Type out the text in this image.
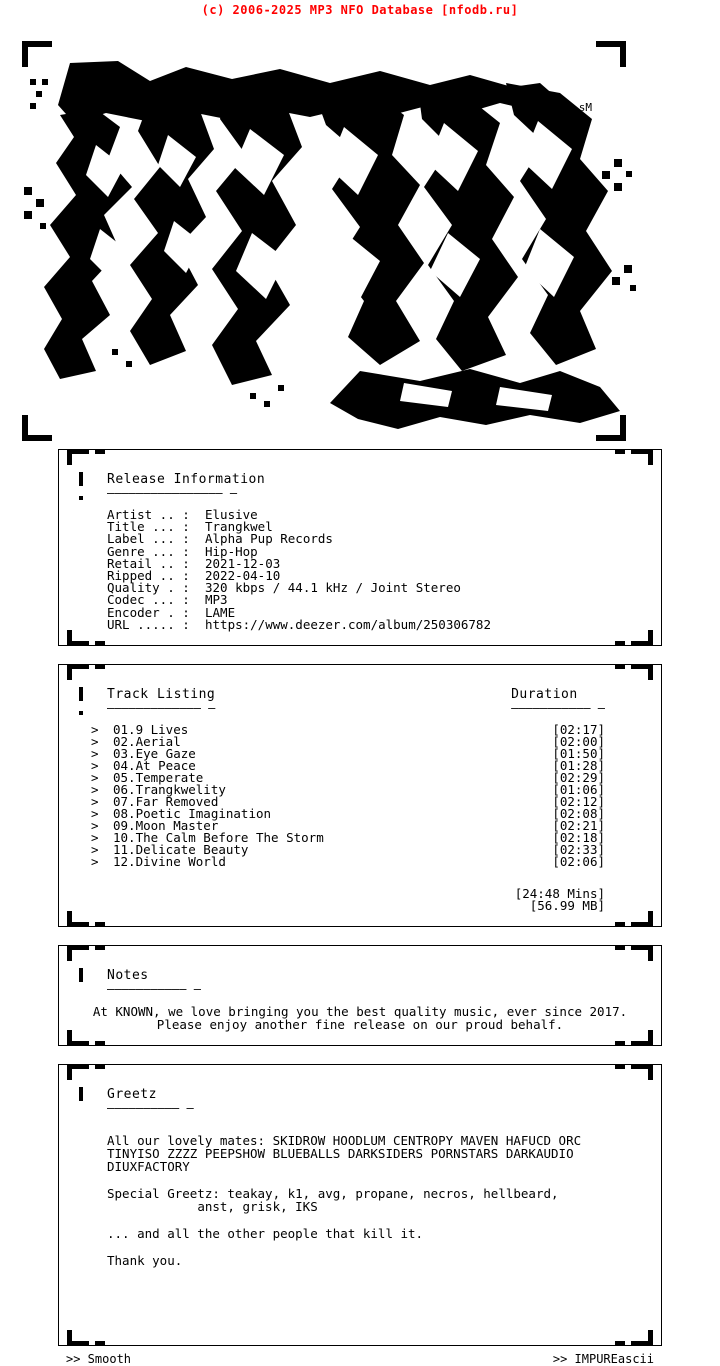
(c) 2006-2025 MP3 NFO Database [nfodb.ru]
sM
Release Information
———————————————— —
Artist .. : Elusive
Title ... : Trangkwel
Label ... : Alpha Pup Records
Genre ... : Hip-Hop
Retail .. : 2021-12-03
Ripped .. : 2022-04-10
Quality . : 320 kbps / 44.1 kHz / Joint Stereo
Codec ... : MP3
Encoder . : LAME
URL ..... : https://www.deezer.com/album/250306782
Track Listing
————————————— —
Duration
——————————— —
> 01.9 Lives	[02:17]
> 02.Aerial	[02:00]
> 03.Eye Gaze	[01:50]
> 04.At Peace	[01:28]
> 05.Temperate	[02:29]
> 06.Trangkwelity	[01:06]
> 07.Far Removed	[02:12]
> 08.Poetic Imagination	[02:08]
> 09.Moon Master	[02:21]
> 10.The Calm Before The Storm	[02:18]
> 11.Delicate Beauty	[02:33]
> 12.Divine World	[02:06]
[24:48 Mins]
[56.99 MB]
Notes
——————————— —
At KNOWN, we love bringing you the best quality music, ever since 2017.
Please enjoy another fine release on our proud behalf.
Greetz
—————————— —
All our lovely mates: SKIDROW HOODLUM CENTROPY MAVEN HAFUCD ORC
TINYISO ZZZZ PEEPSHOW BLUEBALLS DARKSIDERS PORNSTARS DARKAUDIO
DIUXFACTORY
Special Greetz: teakay, k1, avg, propane, necros, hellbeard,
anst, grisk, IKS
... and all the other people that kill it.
Thank you.
>> Smooth	>> IMPUREascii
